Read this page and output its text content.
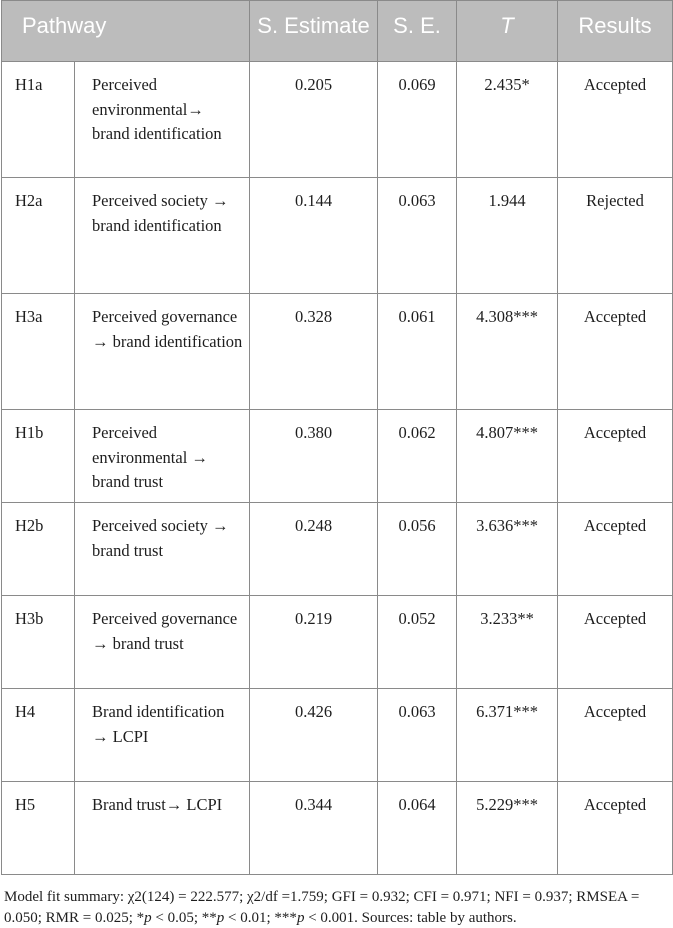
Pathway		S. Estimate	S. E.	T	Results
H1a	Perceived environmental→ brand identification	0.205	0.069	2.435*	Accepted
H2a	Perceived society → brand identification	0.144	0.063	1.944	Rejected
H3a	Perceived governance → brand identification	0.328	0.061	4.308***	Accepted
H1b	Perceived environmental → brand trust	0.380	0.062	4.807***	Accepted
H2b	Perceived society → brand trust	0.248	0.056	3.636***	Accepted
H3b	Perceived governance → brand trust	0.219	0.052	3.233**	Accepted
H4	Brand identification → LCPI	0.426	0.063	6.371***	Accepted
H5	Brand trust→ LCPI	0.344	0.064	5.229***	Accepted
Model fit summary: χ2(124) = 222.577; χ2/df =1.759; GFI = 0.932; CFI = 0.971; NFI = 0.937; RMSEA = 0.050; RMR = 0.025; *p < 0.05; **p < 0.01; ***p < 0.001. Sources: table by authors.
